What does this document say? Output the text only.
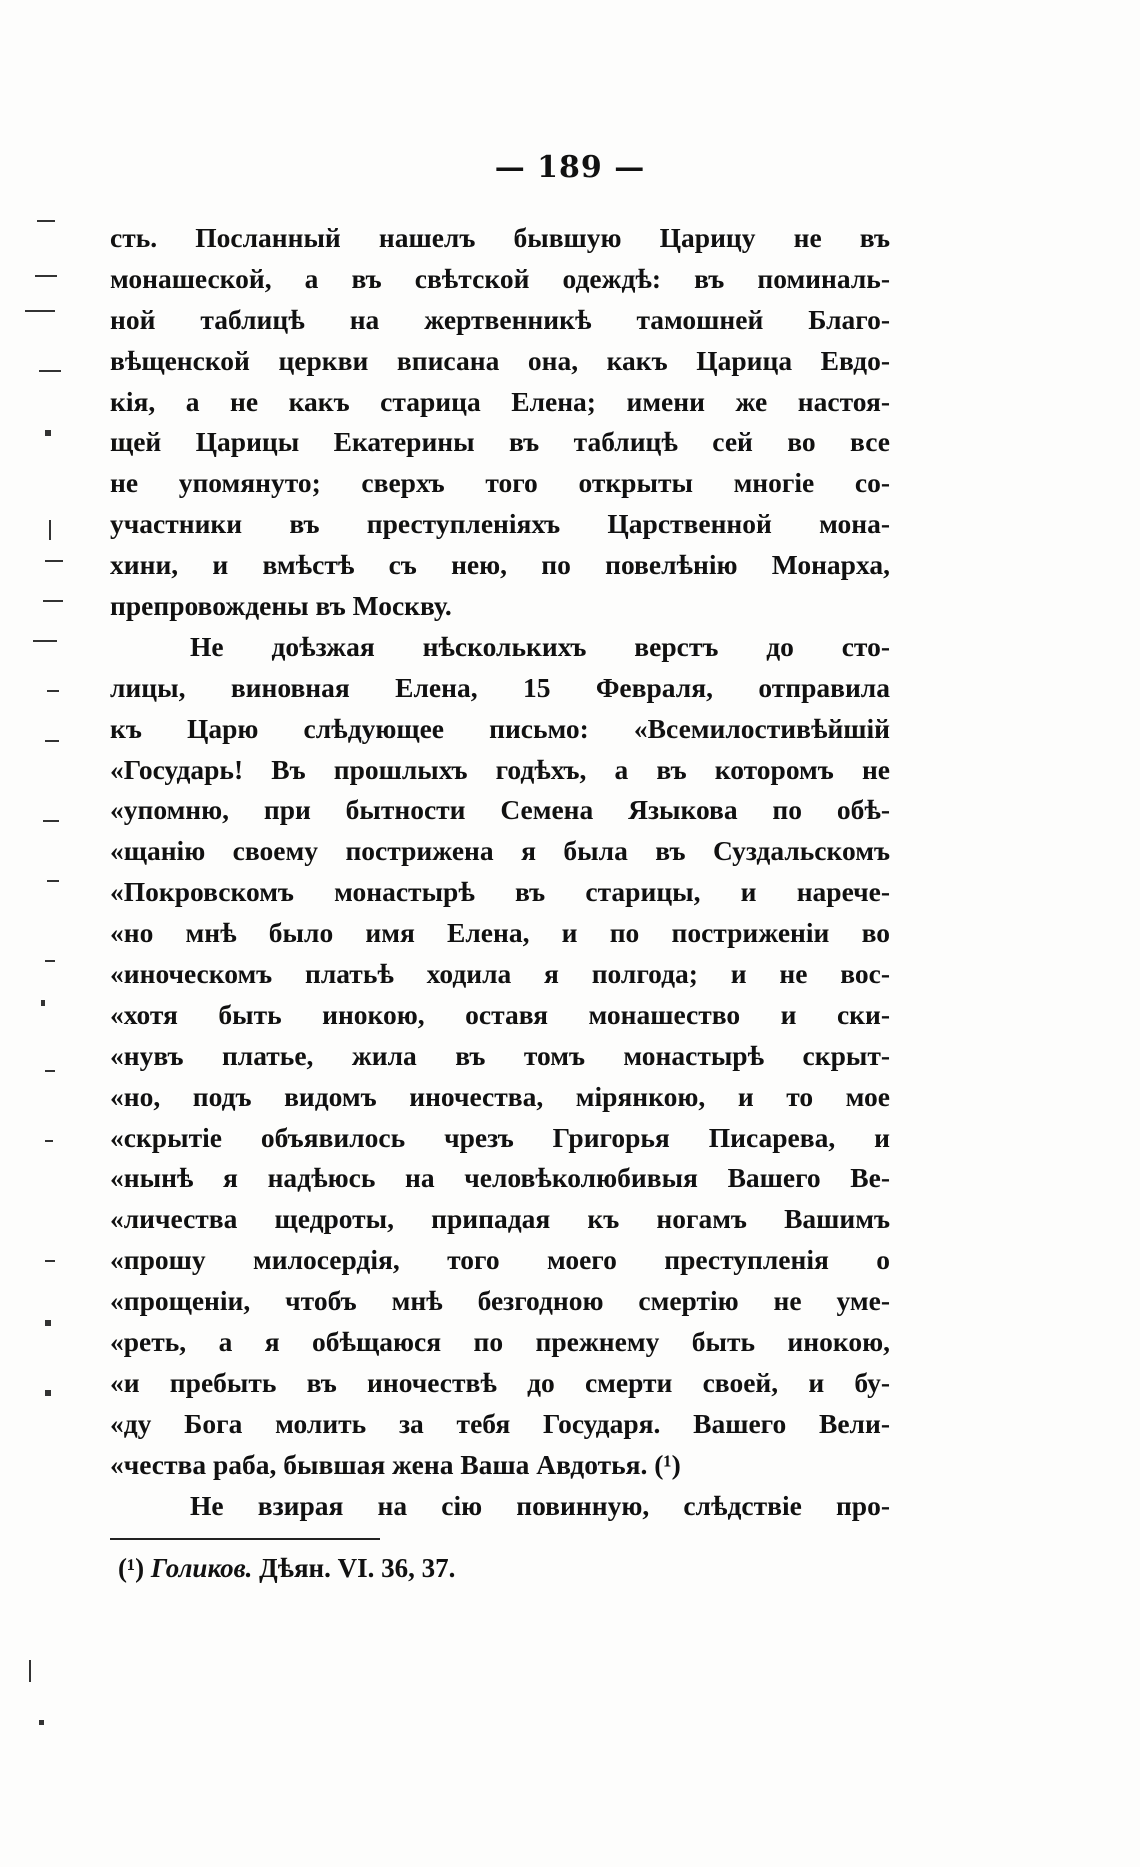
— 189 —
сть. Посланный нашелъ бывшую Царицу не въ
монашеской, а въ свѣтской одеждѣ: въ поминаль-
ной таблицѣ на жертвенникѣ тамошней Благо-
вѣщенской церкви вписана она, какъ Царица Евдо-
кія, а не какъ старица Елена; имени же настоя-
щей Царицы Екатерины въ таблицѣ сей во все
не упомянуто; сверхъ того открыты многіе со-
участники въ преступленіяхъ Царственной мона-
хини, и вмѣстѣ съ нею, по повелѣнію Монарха,
препровождены въ Москву.
Не доѣзжая нѣсколькихъ верстъ до сто-
лицы, виновная Елена, 15 Февраля, отправила
къ Царю слѣдующее письмо: «Всемилостивѣйшій
«Государь! Въ прошлыхъ годѣхъ, а въ которомъ не
«упомню, при бытности Семена Языкова по обѣ-
«щанію своему пострижена я была въ Суздальскомъ
«Покровскомъ монастырѣ въ старицы, и нарече-
«но мнѣ было имя Елена, и по постриженіи во
«иноческомъ платьѣ ходила я полгода; и не вос-
«хотя быть инокою, оставя монашество и ски-
«нувъ платье, жила въ томъ монастырѣ скрыт-
«но, подъ видомъ иночества, мірянкою, и то мое
«скрытіе объявилось чрезъ Григорья Писарева, и
«нынѣ я надѣюсь на человѣколюбивыя Вашего Ве-
«личества щедроты, припадая къ ногамъ Вашимъ
«прошу милосердія, того моего преступленія о
«прощеніи, чтобъ мнѣ безгодною смертію не уме-
«реть, а я обѣщаюся по прежнему быть инокою,
«и пребыть въ иночествѣ до смерти своей, и бу-
«ду Бога молить за тебя Государя. Вашего Вели-
«чества раба, бывшая жена Ваша Авдотья. (¹)
Не взирая на сію повинную, слѣдствіе про-
(¹) Голиков. Дѣян. VI. 36, 37.
